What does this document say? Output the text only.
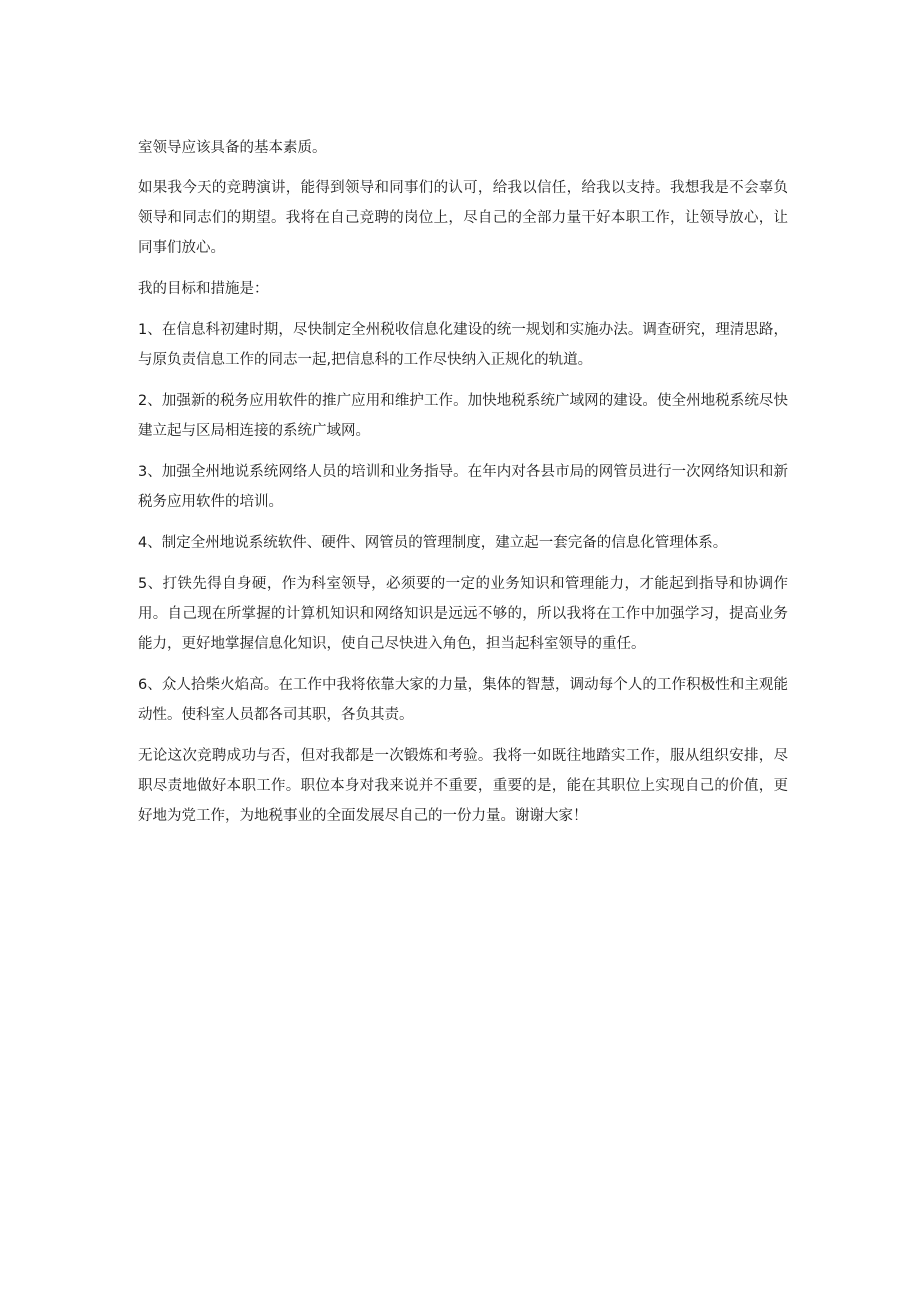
室领导应该具备的基本素质。

如果我今天的竞聘演讲，能得到领导和同事们的认可，给我以信任，给我以支持。我想我是不会辜负领导和同志们的期望。我将在自己竞聘的岗位上，尽自己的全部力量干好本职工作，让领导放心，让同事们放心。

我的目标和措施是：

1、在信息科初建时期，尽快制定全州税收信息化建设的统一规划和实施办法。调查研究，理清思路，与原负责信息工作的同志一起,把信息科的工作尽快纳入正规化的轨道。

2、加强新的税务应用软件的推广应用和维护工作。加快地税系统广域网的建设。使全州地税系统尽快建立起与区局相连接的系统广域网。

3、加强全州地说系统网络人员的培训和业务指导。在年内对各县市局的网管员进行一次网络知识和新税务应用软件的培训。

4、制定全州地说系统软件、硬件、网管员的管理制度，建立起一套完备的信息化管理体系。

5、打铁先得自身硬，作为科室领导，必须要的一定的业务知识和管理能力，才能起到指导和协调作用。自己现在所掌握的计算机知识和网络知识是远远不够的，所以我将在工作中加强学习，提高业务能力，更好地掌握信息化知识，使自己尽快进入角色，担当起科室领导的重任。

6、众人拾柴火焰高。在工作中我将依靠大家的力量，集体的智慧，调动每个人的工作积极性和主观能动性。使科室人员都各司其职，各负其责。

无论这次竞聘成功与否，但对我都是一次锻炼和考验。我将一如既往地踏实工作，服从组织安排，尽职尽责地做好本职工作。职位本身对我来说并不重要，重要的是，能在其职位上实现自己的价值，更好地为党工作，为地税事业的全面发展尽自己的一份力量。谢谢大家！
